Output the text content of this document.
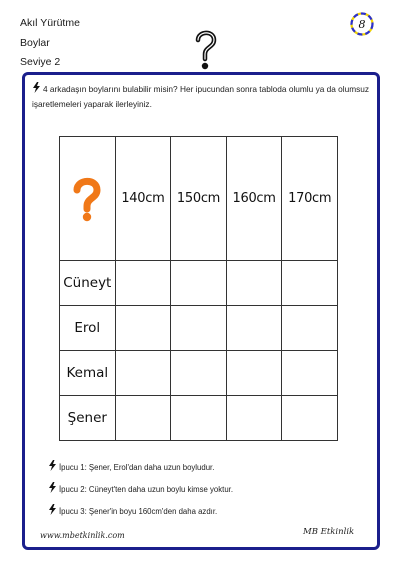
Akıl Yürütme
Boylar
Seviye 2
8
4 arkadaşın boylarını bulabilir misin? Her ipucundan sonra tabloda olumlu ya da olumsuz işaretlemeleri yaparak ilerleyiniz.
	140cm	150cm	160cm	170cm
Cüneyt				
Erol				
Kemal				
Şener				
İpucu 1: Şener, Erol'dan daha uzun boyludur.
İpucu 2: Cüneyt'ten daha uzun boylu kimse yoktur.
İpucu 3: Şener'in boyu 160cm'den daha azdır.
www.mbetkinlik.com	MB Etkinlik
